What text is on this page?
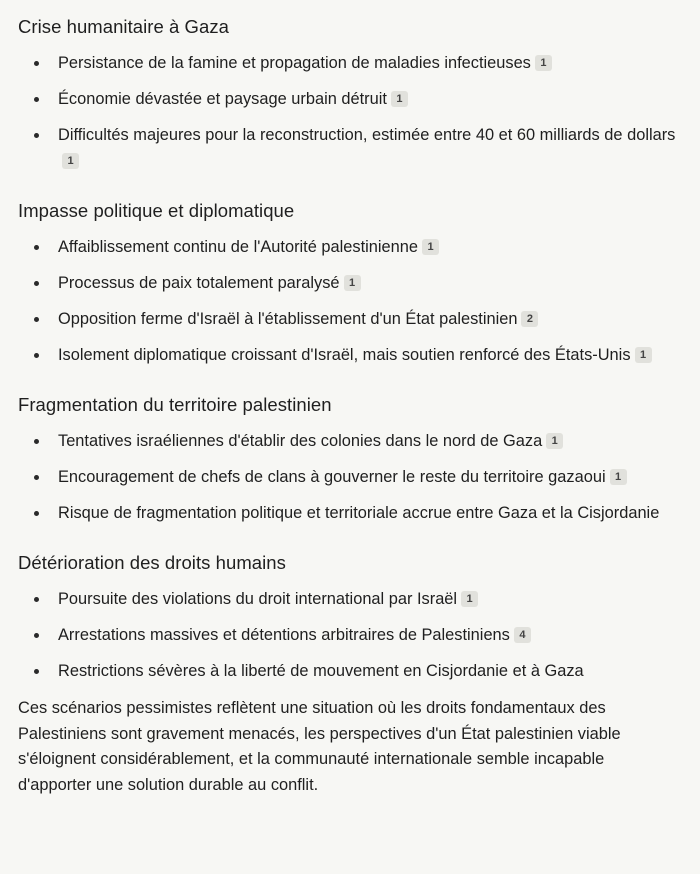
Crise humanitaire à Gaza
Persistance de la famine et propagation de maladies infectieuses 1
Économie dévastée et paysage urbain détruit 1
Difficultés majeures pour la reconstruction, estimée entre 40 et 60 milliards de dollars1
Impasse politique et diplomatique
Affaiblissement continu de l'Autorité palestinienne 1
Processus de paix totalement paralysé 1
Opposition ferme d'Israël à l'établissement d'un État palestinien 2
Isolement diplomatique croissant d'Israël, mais soutien renforcé des États-Unis 1
Fragmentation du territoire palestinien
Tentatives israéliennes d'établir des colonies dans le nord de Gaza 1
Encouragement de chefs de clans à gouverner le reste du territoire gazaoui 1
Risque de fragmentation politique et territoriale accrue entre Gaza et la Cisjordanie
Détérioration des droits humains
Poursuite des violations du droit international par Israël 1
Arrestations massives et détentions arbitraires de Palestiniens 4
Restrictions sévères à la liberté de mouvement en Cisjordanie et à Gaza

Ces scénarios pessimistes reflètent une situation où les droits fondamentaux des Palestiniens sont gravement menacés, les perspectives d'un État palestinien viable s'éloignent considérablement, et la communauté internationale semble incapable d'apporter une solution durable au conflit.
